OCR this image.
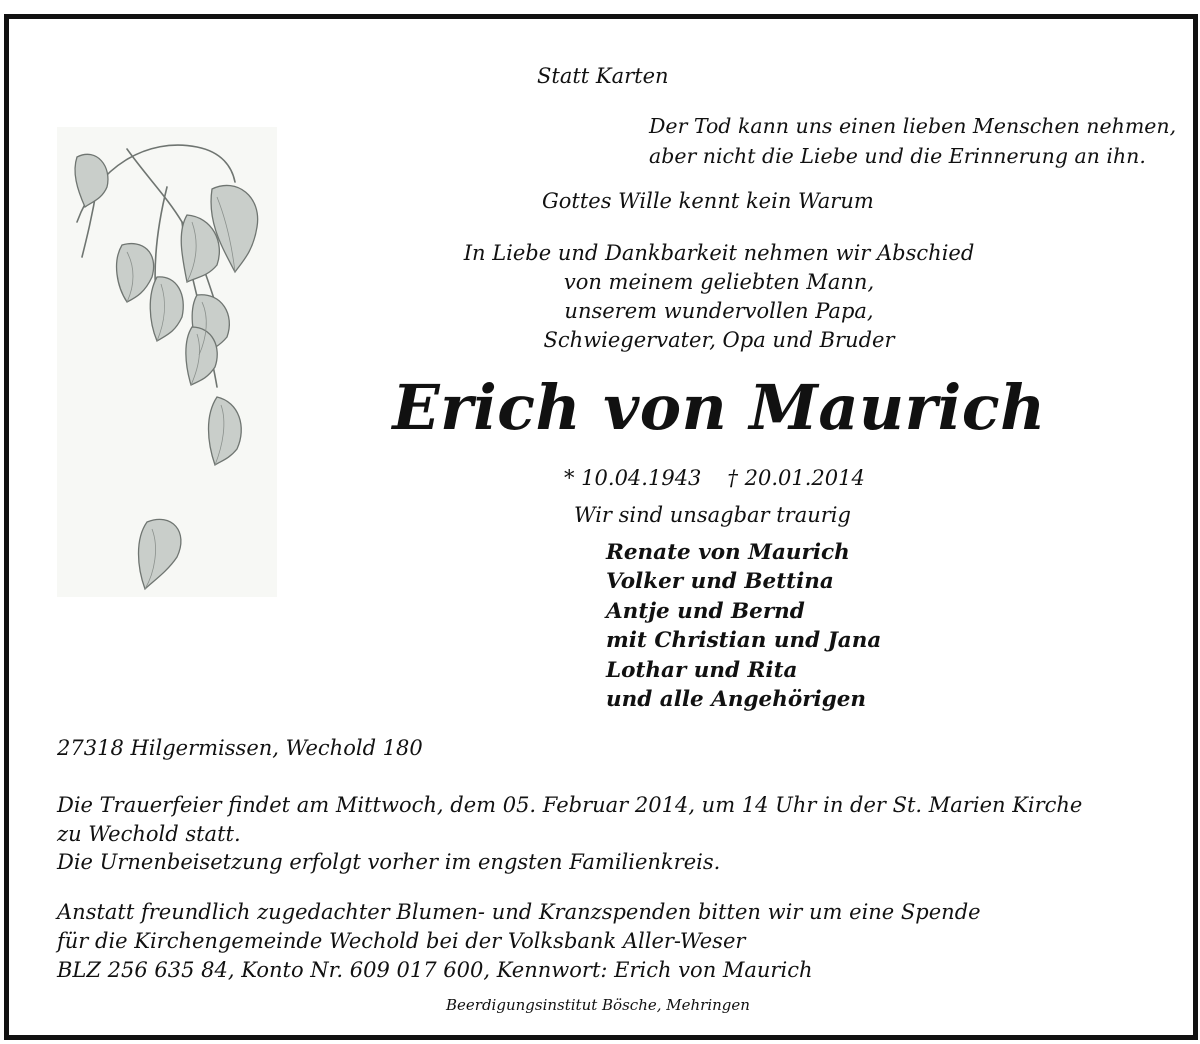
Statt Karten
Der Tod kann uns einen lieben Menschen nehmen,
aber nicht die Liebe und die Erinnerung an ihn.
Gottes Wille kennt kein Warum
In Liebe und Dankbarkeit nehmen wir Abschied
von meinem geliebten Mann,
unserem wundervollen Papa,
Schwiegervater, Opa und Bruder
Erich von Maurich
* 10.04.1943 † 20.01.2014
Wir sind unsagbar traurig
Renate von Maurich
Volker und Bettina
Antje und Bernd
mit Christian und Jana
Lothar und Rita
und alle Angehörigen
27318 Hilgermissen, Wechold 180
Die Trauerfeier findet am Mittwoch, dem 05. Februar 2014, um 14 Uhr in der St. Marien Kirche
zu Wechold statt.
Die Urnenbeisetzung erfolgt vorher im engsten Familienkreis.
Anstatt freundlich zugedachter Blumen- und Kranzspenden bitten wir um eine Spende
für die Kirchengemeinde Wechold bei der Volksbank Aller-Weser
BLZ 256 635 84, Konto Nr. 609 017 600, Kennwort: Erich von Maurich
Beerdigungsinstitut Bösche, Mehringen
